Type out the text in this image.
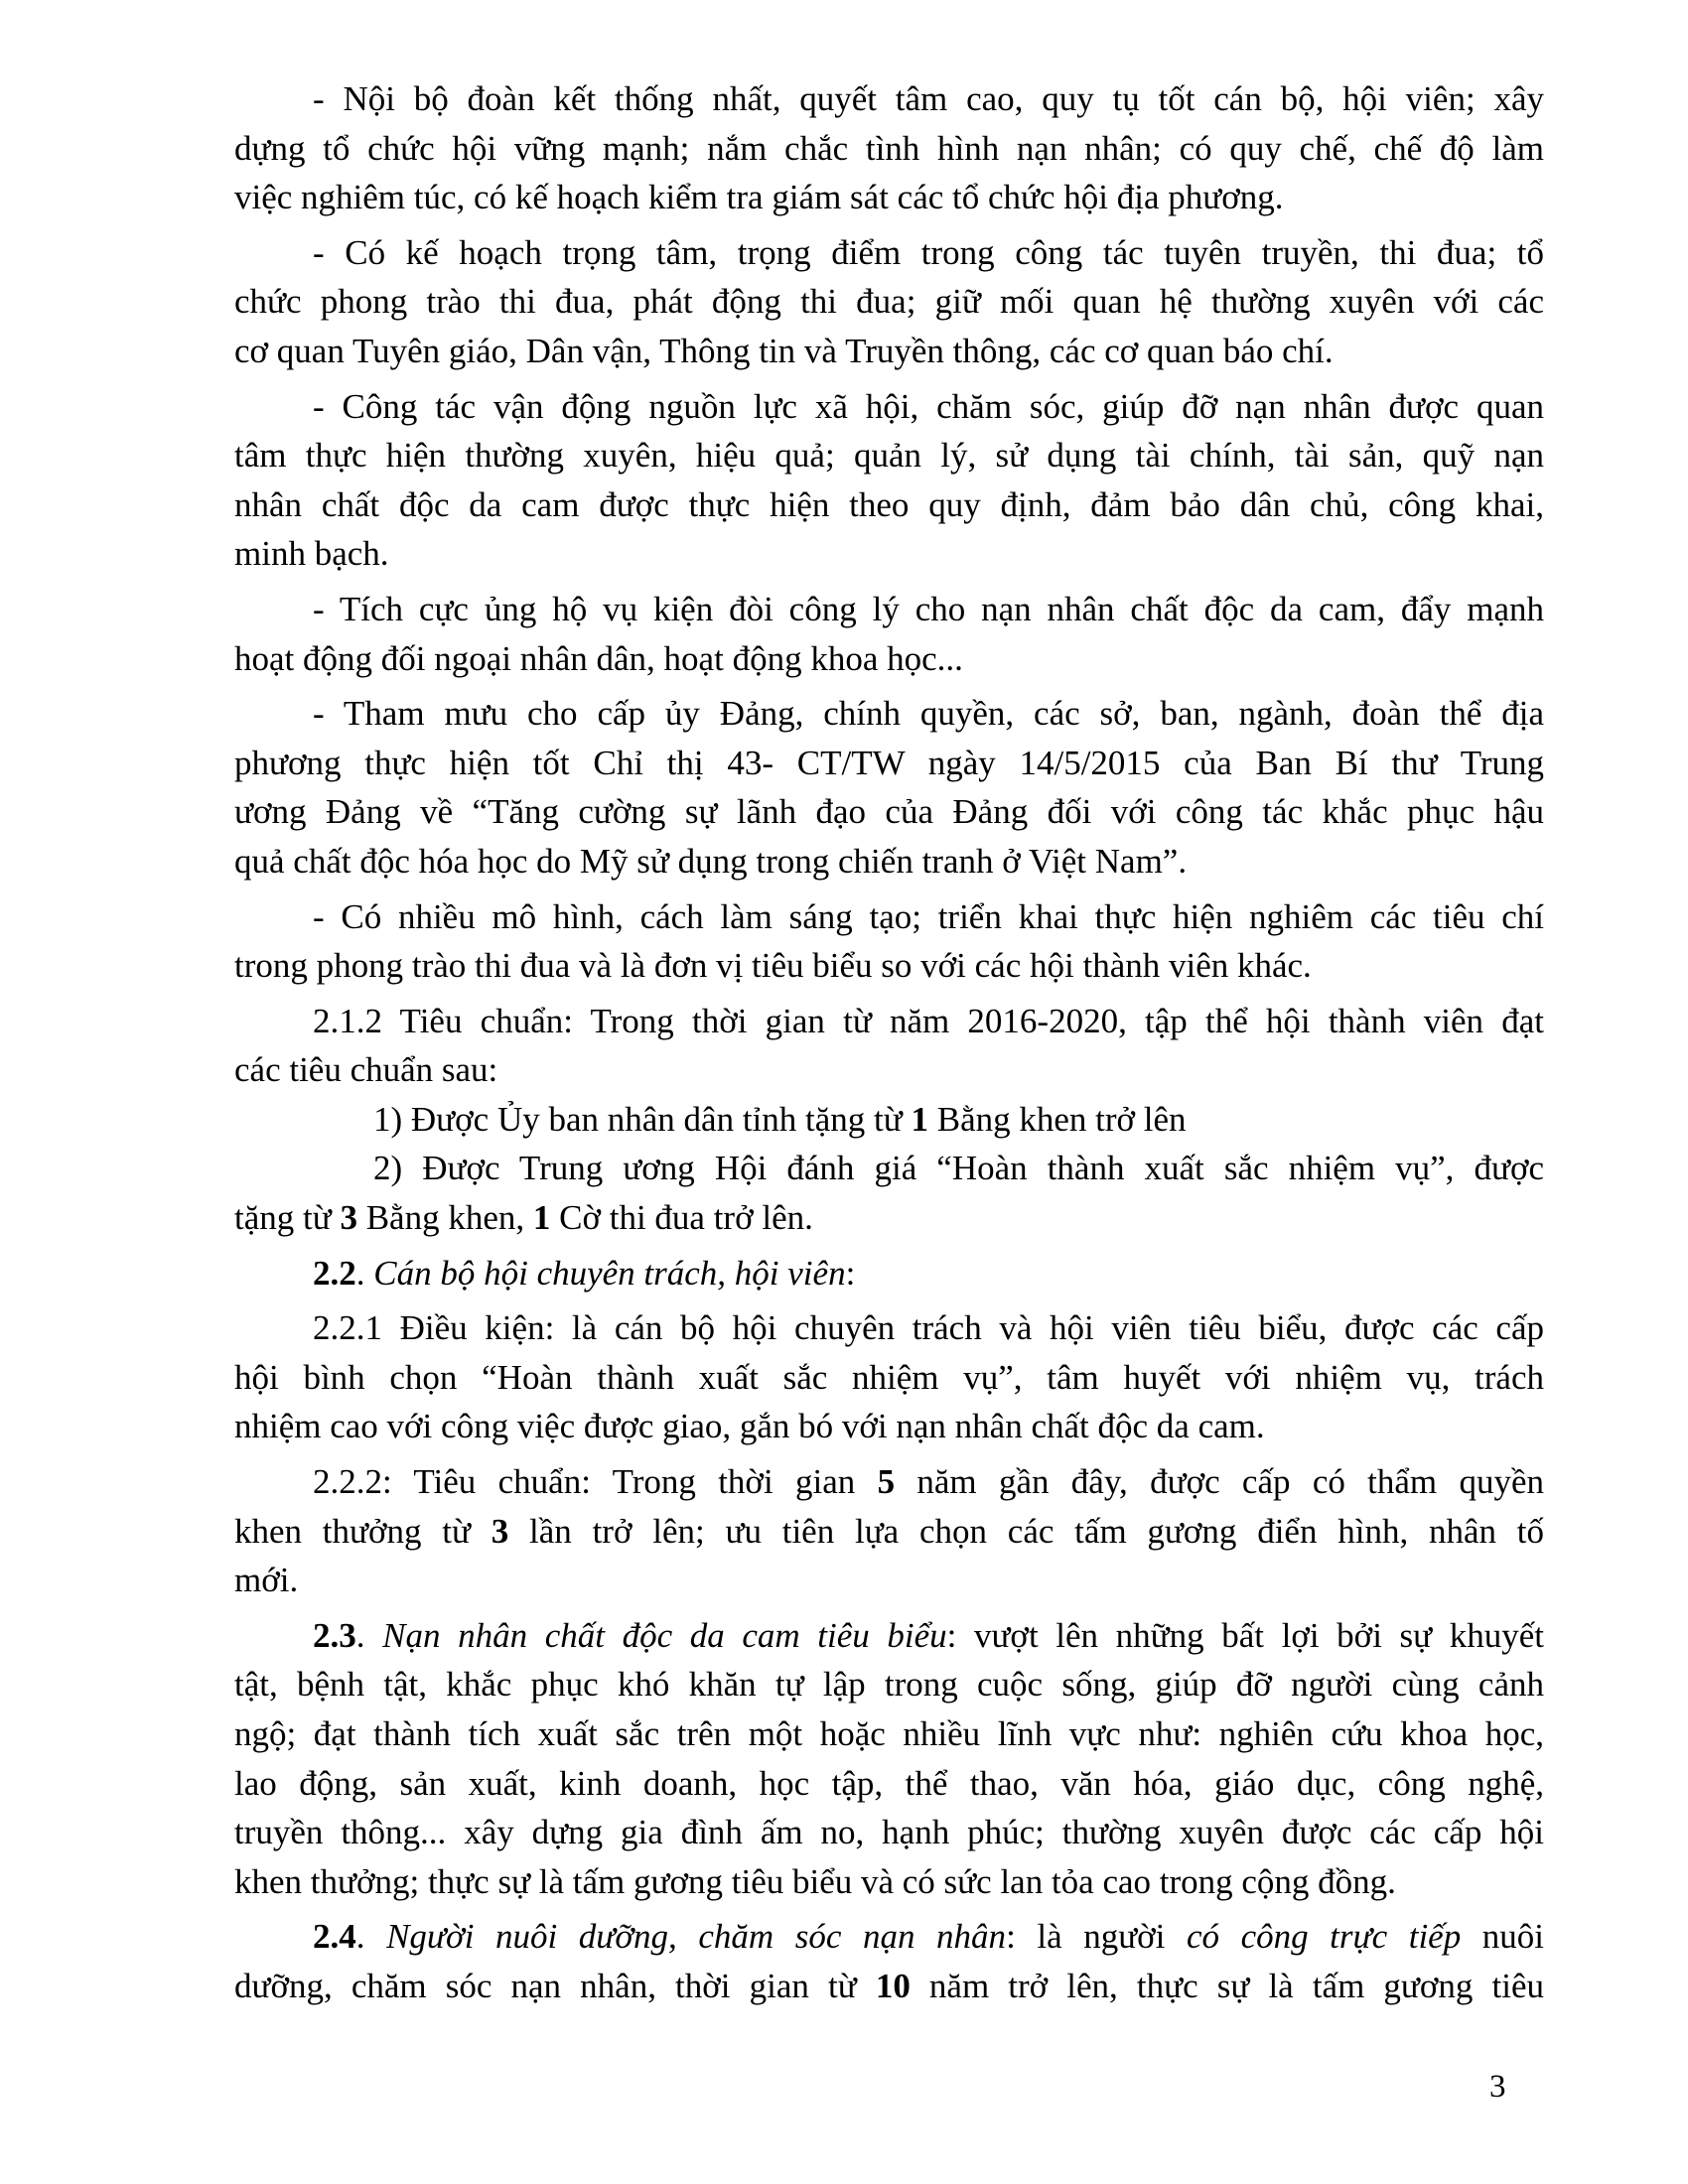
- Nội bộ đoàn kết thống nhất, quyết tâm cao, quy tụ tốt cán bộ, hội viên; xây
dựng tổ chức hội vững mạnh; nắm chắc tình hình nạn nhân; có quy chế, chế độ làm
việc nghiêm túc, có kế hoạch kiểm tra giám sát các tổ chức hội địa phương.
- Có kế hoạch trọng tâm, trọng điểm trong công tác tuyên truyền, thi đua; tổ
chức phong trào thi đua, phát động thi đua; giữ mối quan hệ thường xuyên với các
cơ quan Tuyên giáo, Dân vận, Thông tin và Truyền thông, các cơ quan báo chí.
- Công tác vận động nguồn lực xã hội, chăm sóc, giúp đỡ nạn nhân được quan
tâm thực hiện thường xuyên, hiệu quả; quản lý, sử dụng tài chính, tài sản, quỹ nạn
nhân chất độc da cam được thực hiện theo quy định, đảm bảo dân chủ, công khai,
minh bạch.
- Tích cực ủng hộ vụ kiện đòi công lý cho nạn nhân chất độc da cam, đẩy mạnh
hoạt động đối ngoại nhân dân, hoạt động khoa học...
- Tham mưu cho cấp ủy Đảng, chính quyền, các sở, ban, ngành, đoàn thể địa
phương thực hiện tốt Chỉ thị 43- CT/TW ngày 14/5/2015 của Ban Bí thư Trung
ương Đảng về “Tăng cường sự lãnh đạo của Đảng đối với công tác khắc phục hậu
quả chất độc hóa học do Mỹ sử dụng trong chiến tranh ở Việt Nam”.
- Có nhiều mô hình, cách làm sáng tạo; triển khai thực hiện nghiêm các tiêu chí
trong phong trào thi đua và là đơn vị tiêu biểu so với các hội thành viên khác.
2.1.2 Tiêu chuẩn: Trong thời gian từ năm 2016-2020, tập thể hội thành viên đạt
các tiêu chuẩn sau:
1) Được Ủy ban nhân dân tỉnh tặng từ 1 Bằng khen trở lên
2) Được Trung ương Hội đánh giá “Hoàn thành xuất sắc nhiệm vụ”, được
tặng từ 3 Bằng khen, 1 Cờ thi đua trở lên.
2.2. Cán bộ hội chuyên trách, hội viên:
2.2.1 Điều kiện: là cán bộ hội chuyên trách và hội viên tiêu biểu, được các cấp
hội bình chọn “Hoàn thành xuất sắc nhiệm vụ”, tâm huyết với nhiệm vụ, trách
nhiệm cao với công việc được giao, gắn bó với nạn nhân chất độc da cam.
2.2.2: Tiêu chuẩn: Trong thời gian 5 năm gần đây, được cấp có thẩm quyền
khen thưởng từ 3 lần trở lên; ưu tiên lựa chọn các tấm gương điển hình, nhân tố
mới.
2.3. Nạn nhân chất độc da cam tiêu biểu: vượt lên những bất lợi bởi sự khuyết
tật, bệnh tật, khắc phục khó khăn tự lập trong cuộc sống, giúp đỡ người cùng cảnh
ngộ; đạt thành tích xuất sắc trên một hoặc nhiều lĩnh vực như: nghiên cứu khoa học,
lao động, sản xuất, kinh doanh, học tập, thể thao, văn hóa, giáo dục, công nghệ,
truyền thông... xây dựng gia đình ấm no, hạnh phúc; thường xuyên được các cấp hội
khen thưởng; thực sự là tấm gương tiêu biểu và có sức lan tỏa cao trong cộng đồng.
2.4. Người nuôi dưỡng, chăm sóc nạn nhân: là người có công trực tiếp nuôi
dưỡng, chăm sóc nạn nhân, thời gian từ 10 năm trở lên, thực sự là tấm gương tiêu
3
